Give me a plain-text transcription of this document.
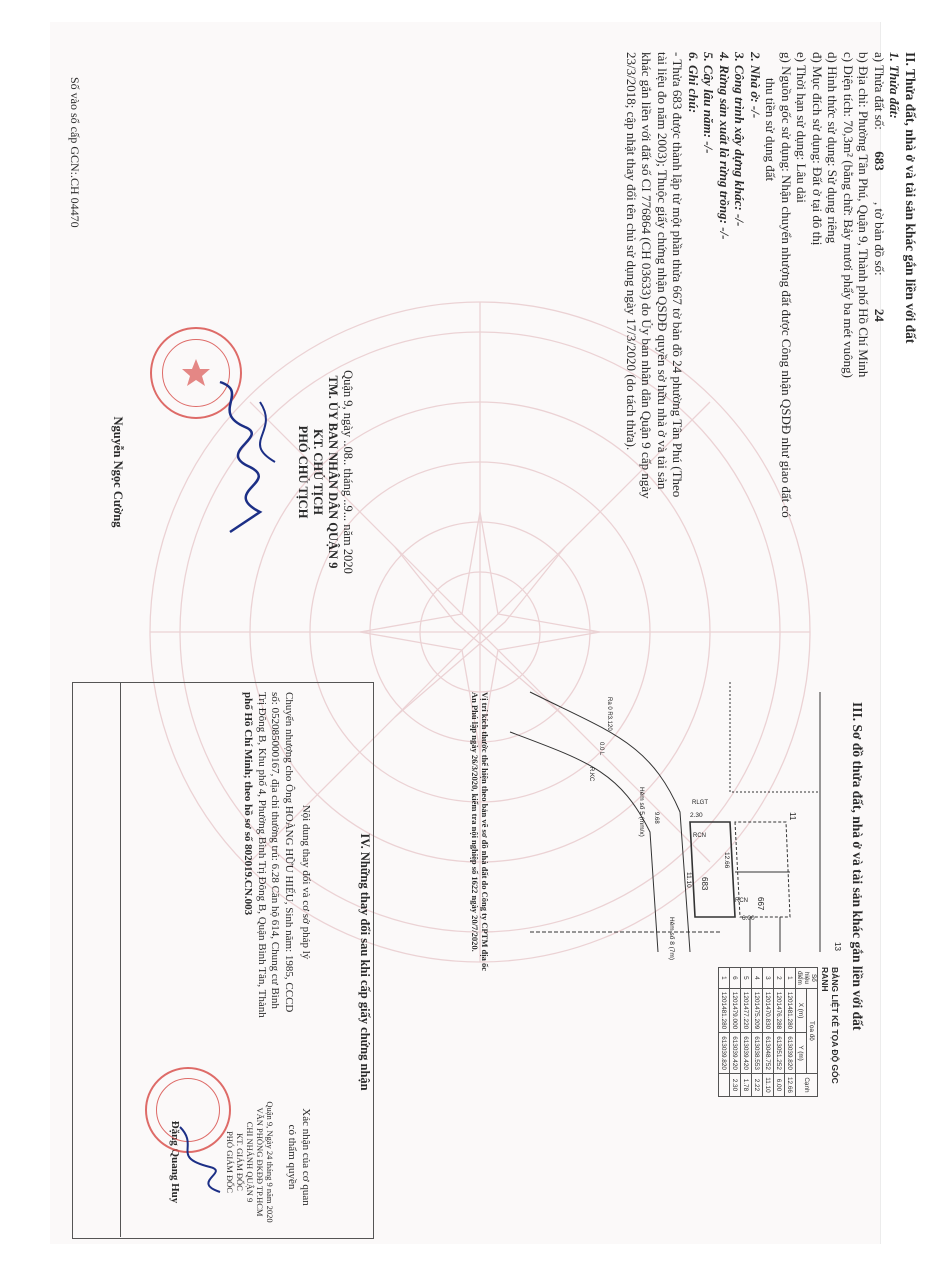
II. Thửa đất, nhà ở và tài sản khác gắn liền với đất
1. Thửa đất:
a) Thửa đất số: 683 , tờ bản đồ số: 24
b) Địa chỉ: Phường Tân Phú, Quận 9, Thành phố Hồ Chí Minh
c) Diện tích: 70,3m² (bằng chữ: Bảy mươi phẩy ba mét vuông)
d) Hình thức sử dụng: Sử dụng riêng
đ) Mục đích sử dụng: Đất ở tại đô thị
e) Thời hạn sử dụng: Lâu dài
g) Nguồn gốc sử dụng: Nhận chuyển nhượng đất được Công nhận QSDĐ như giao đất có
thu tiền sử dụng đất
2. Nhà ở: -/-
3. Công trình xây dựng khác: -/-
4. Rừng sản xuất là rừng trồng: -/-
5. Cây lâu năm: -/-
6. Ghi chú:
- Thửa 683 được thành lập từ một phần thửa 667 tờ bản đồ 24 phường Tân Phú (Theo
tài liệu đo năm 2003); Thuộc giấy chứng nhận QSDĐ quyền sở hữu nhà ở và tài sản
khác gắn liền với đất số CI 776864 (CH 03633) do Ủy ban nhân dân Quận 9 cấp ngày
23/3/2018; cập nhật thay đổi tên chủ sử dụng ngày 17/3/2020 (do tách thửa).
Quận 9, ngày ..08.. tháng ..9... năm 2020
TM. ỦY BAN NHÂN DÂN QUẬN 9
KT. CHỦ TỊCH
PHÓ CHỦ TỊCH
Nguyễn Ngọc Cường
III. Sơ đồ thửa đất, nhà ở và tài sản khác gắn liền với đất
BẢNG LIỆT KÊ TỌA ĐỘ GÓC RANH
Số hiệu điểm	Tọa độ		Cạnh
	X (m)	Y (m)	
1	1201481.280	613039.820	12.66
2	1201476.288	613051.252	6.00
3	1201470.830	613048.752	11.10
4	1201475.209	613038.553	2.22
5	1201477.220	613039.420	1.78
6	1201479.000	613039.420	2.30
1	1201481.280	613039.820	
683
667
11
13
Hẻm số 5 (mm/x)
Hẻm số 8 (7m)
12.66
6.00
11.10
2.30
RCN
RCN
RLGT
R.KC
Ra 0 R3.120
0.0 L
9.68
Vị trí kích thước thể hiện theo bản vẽ sơ đồ nhà đất do Công ty CPTM địa ốc
An Phú lập ngày 26/3/2020, kiểm tra nội nghiệp số 1622 ngày 20/7/2020.
IV. Những thay đổi sau khi cấp giấy chứng nhận
Nội dung thay đổi và cơ sở pháp lý
Chuyển nhượng cho Ông HOÀNG HỮU HIẾU, Sinh năm: 1985, CCCD
số: 052085000167, địa chỉ thường trú: 6.28 Căn hộ 614, Chung cư Bình
Trị Đông B, Khu phố 4, Phường Bình Trị Đông B, Quận Bình Tân, Thành
phố Hồ Chí Minh; theo hồ sơ số 802019.CN.003
Xác nhận của cơ quan
có thẩm quyền
Quận 9, Ngày 24 tháng 9 năm 2020
VĂN PHÒNG ĐKĐĐ TP.HCM
CHI NHÁNH QUẬN 9
KT. GIÁM ĐỐC
PHÓ GIÁM ĐỐC
Đặng Quang Huy
Số vào sổ cấp GCN:.CH 04470
